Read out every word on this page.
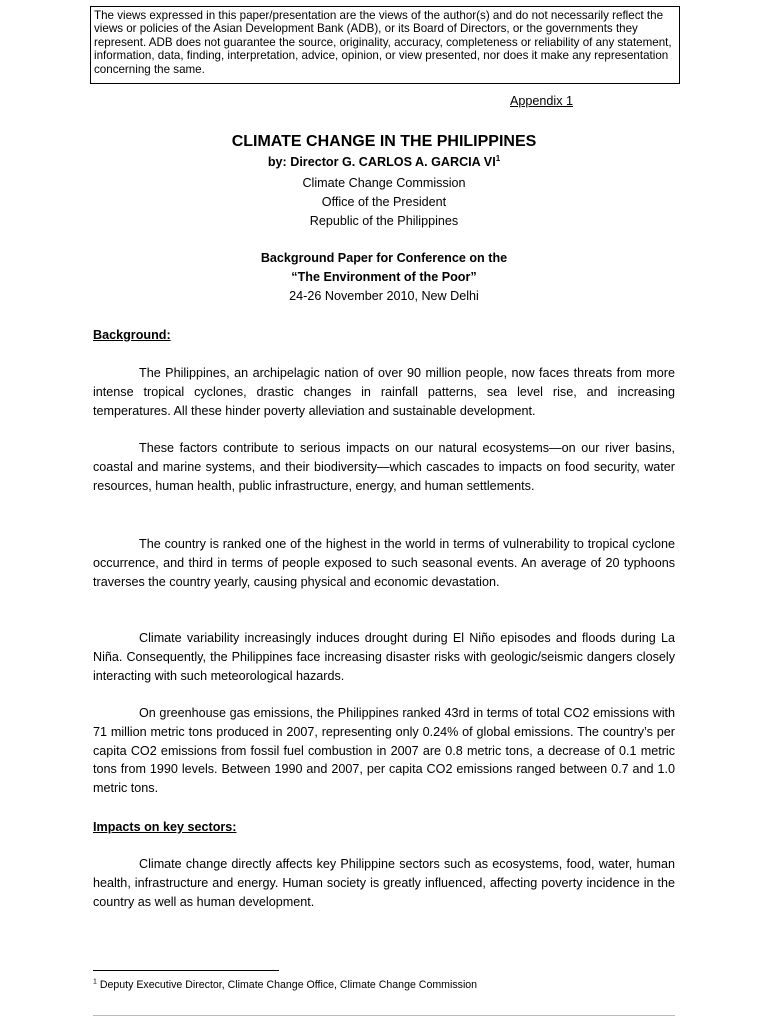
The views expressed in this paper/presentation are the views of the author(s) and do not necessarily reflect the views or policies of the Asian Development Bank (ADB), or its Board of Directors, or the governments they represent. ADB does not guarantee the source, originality, accuracy, completeness or reliability of any statement, information, data, finding, interpretation, advice, opinion, or view presented, nor does it make any representation concerning the same.
Appendix 1
CLIMATE CHANGE IN THE PHILIPPINES
by: Director G. CARLOS A. GARCIA $VI^1$
Climate Change Commission
Office of the President
Republic of the Philippines
Background Paper for Conference on the
“The Environment of the Poor”
24-26 November 2010, New Delhi
Background:

The Philippines, an archipelagic nation of over 90 million people, now faces threats from more intense tropical cyclones, drastic changes in rainfall patterns, sea level rise, and increasing temperatures. All these hinder poverty alleviation and sustainable development.

These factors contribute to serious impacts on our natural ecosystems—on our river basins, coastal and marine systems, and their biodiversity—which cascades to impacts on food security, water resources, human health, public infrastructure, energy, and human settlements.

The country is ranked one of the highest in the world in terms of vulnerability to tropical cyclone occurrence, and third in terms of people exposed to such seasonal events. An average of 20 typhoons traverses the country yearly, causing physical and economic devastation.

Climate variability increasingly induces drought during El Niño episodes and floods during La Niña. Consequently, the Philippines face increasing disaster risks with geologic/seismic dangers closely interacting with such meteorological hazards.

On greenhouse gas emissions, the Philippines ranked 43rd in terms of total CO2 emissions with 71 million metric tons produced in 2007, representing only 0.24% of global emissions. The country’s per capita CO2 emissions from fossil fuel combustion in 2007 are 0.8 metric tons, a decrease of 0.1 metric tons from 1990 levels. Between 1990 and 2007, per capita CO2 emissions ranged between 0.7 and 1.0 metric tons.

Impacts on key sectors:

Climate change directly affects key Philippine sectors such as ecosystems, food, water, human health, infrastructure and energy. Human society is greatly influenced, affecting poverty incidence in the country as well as human development.

$^1$ Deputy Executive Director, Climate Change Office, Climate Change Commission
